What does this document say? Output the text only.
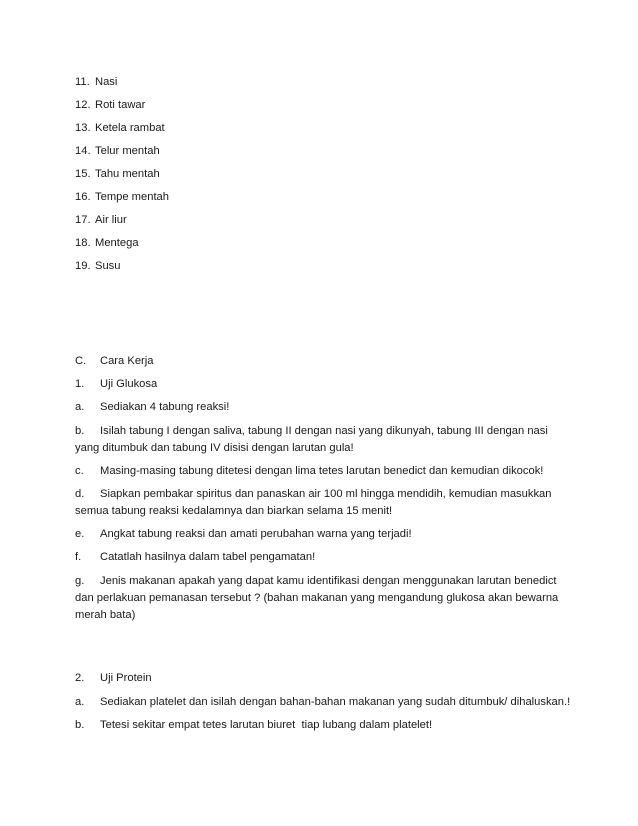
11. Nasi
12. Roti tawar
13. Ketela rambat
14. Telur mentah
15. Tahu mentah
16. Tempe mentah
17. Air liur
18. Mentega
19. Susu
C. Cara Kerja
1. Uji Glukosa
a. Sediakan 4 tabung reaksi!
b. Isilah tabung I dengan saliva, tabung II dengan nasi yang dikunyah, tabung III dengan nasi yang ditumbuk dan tabung IV disisi dengan larutan gula!
c. Masing-masing tabung ditetesi dengan lima tetes larutan benedict dan kemudian dikocok!
d. Siapkan pembakar spiritus dan panaskan air 100 ml hingga mendidih, kemudian masukkan semua tabung reaksi kedalamnya dan biarkan selama 15 menit!
e. Angkat tabung reaksi dan amati perubahan warna yang terjadi!
f. Catatlah hasilnya dalam tabel pengamatan!
g. Jenis makanan apakah yang dapat kamu identifikasi dengan menggunakan larutan benedict dan perlakuan pemanasan tersebut ? (bahan makanan yang mengandung glukosa akan bewarna merah bata)
2. Uji Protein
a. Sediakan platelet dan isilah dengan bahan-bahan makanan yang sudah ditumbuk/ dihaluskan.!
b. Tetesi sekitar empat tetes larutan biuret  tiap lubang dalam platelet!
